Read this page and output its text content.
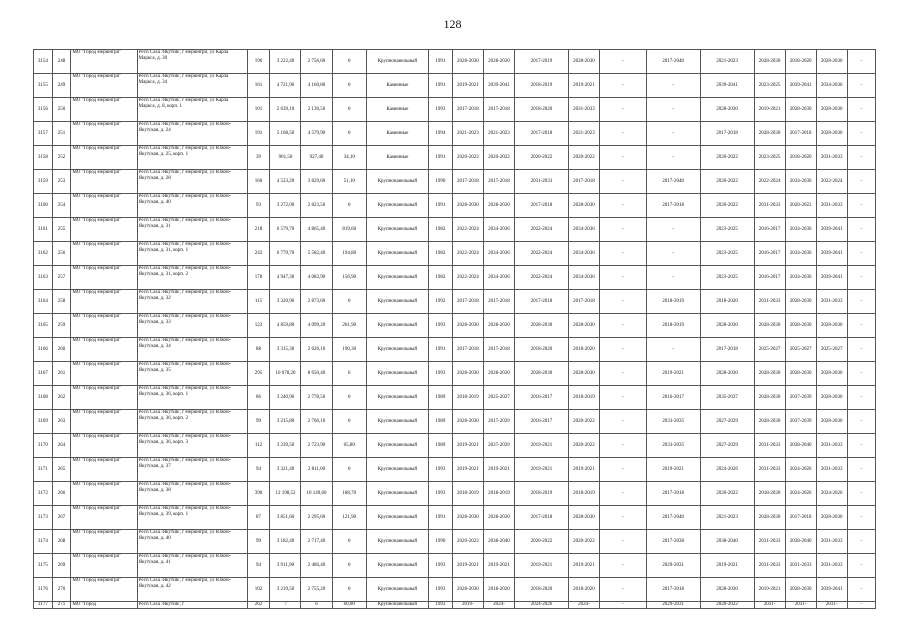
128
3154	248	МО "Город Нерюнгри"	Респ Саха /Якутия/, г Нерюнгри, ул Карла Маркса, д. 30	196	3 222,40	2 756,60	0	Крупнопанельный	1991	2028-2030	2028-2030	2017-2019	2028-2030	-	2017-2040	2021-2023	2028-2030	2018-2020	2028-2030	-
3155	249	МО "Город Нерюнгри"	Респ Саха /Якутия/, г Нерюнгри, ул Карла Маркса, д. 34	161	4 721,90	4 160,80	0	Каменные	1991	2019-2021	2039-2041	2018-2019	2019-2021	-	-	2039-2041	2023-2025	2039-2041	2034-2036	-
3156	250	МО "Город Нерюнгри"	Респ Саха /Якутия/, г Нерюнгри, ул Карла Маркса, д. 8, корп. 1	101	2 639,10	2 130,50	0	Каменные	1993	2017-2018	2017-2018	2018-2020	2031-2033	-	-	2028-2030	2019-2021	2028-2030	2028-2030	-
3157	251	МО "Город Нерюнгри"	Респ Саха /Якутия/, г Нерюнгри, ул Южно-Якутская, д. 24	191	5 168,50	4 579,90	0	Каменные	1994	2021-2023	2021-2023	2017-2018	2021-2023	-	-	2017-2018	2028-2030	2017-2018	2028-2030	-
3158	252	МО "Город Нерюнгри"	Респ Саха /Якутия/, г Нерюнгри, ул Южно-Якутская, д. 25, корп. 1	39	961,50	927,40	34,10	Каменные	1991	2020-2022	2020-2022	2020-2022	2020-2022	-	-	2020-2022	2023-2025	2018-2020	2031-2033	-
3159	253	МО "Город Нерюнгри"	Респ Саха /Якутия/, г Нерюнгри, ул Южно-Якутская, д. 28	160	4 523,20	3 829,60	51,10	Крупнопанельный	1990	2017-2018	2017-2018	2031-2033	2017-2018	-	2017-2040	2020-2022	2022-2024	2034-2036	2022-2024	-
3160	254	МО "Город Нерюнгри"	Респ Саха /Якутия/, г Нерюнгри, ул Южно-Якутская, д. 40	93	3 272,00	2 823,50	0	Крупнопанельный	1991	2028-2030	2028-2030	2017-2018	2028-2030	-	2017-2018	2020-2022	2031-2033	2020-2022	2031-2033	-
3161	255	МО "Город Нерюнгри"	Респ Саха /Якутия/, г Нерюнгри, ул Южно-Якутская, д. 31	218	6 579,70	4 865,40	819,60	Крупнопанельный	1982	2022-2024	2034-2036	2022-2024	2034-2036	-	-	2023-2025	2016-2017	2034-2036	2039-2041	-
3162	256	МО "Город Нерюнгри"	Респ Саха /Якутия/, г Нерюнгри, ул Южно-Якутская, д. 31, корп. 1	243	6 779,70	5 582,40	194,80	Крупнопанельный	1982	2022-2024	2034-2036	2022-2024	2034-2036	-	-	2023-2025	2016-2017	2034-2036	2039-2041	-
3163	257	МО "Город Нерюнгри"	Респ Саха /Якутия/, г Нерюнгри, ул Южно-Якутская, д. 31, корп. 2	178	4 947,30	4 082,90	156,90	Крупнопанельный	1982	2022-2024	2034-2036	2022-2024	2034-2036	-	-	2023-2025	2016-2017	2034-2036	2039-2041	-
3164	258	МО "Город Нерюнгри"	Респ Саха /Якутия/, г Нерюнгри, ул Южно-Якутская, д. 32	115	3 320,90	2 873,60	0	Крупнопанельный	1992	2017-2018	2017-2018	2017-2018	2017-2018	-	2018-2019	2018-2020	2031-2033	2028-2030	2031-2033	-
3165	259	МО "Город Нерюнгри"	Респ Саха /Якутия/, г Нерюнгри, ул Южно-Якутская, д. 33	123	4 859,80	4 099,20	261,90	Крупнопанельный	1993	2028-2030	2028-2030	2028-2030	2028-2030	-	2018-2019	2028-2030	2028-2030	2028-2030	2028-2030	-
3166	260	МО "Город Нерюнгри"	Респ Саха /Якутия/, г Нерюнгри, ул Южно-Якутская, д. 34	88	3 315,30	2 626,10	190,30	Крупнопанельный	1991	2017-2018	2017-2018	2018-2020	2018-2020	-	-	2017-2018	2025-2027	2025-2027	2025-2027	-
3167	261	МО "Город Нерюнгри"	Респ Саха /Якутия/, г Нерюнгри, ул Южно-Якутская, д. 35	295	10 078,20	8 650,40	6	Крупнопанельный	1993	2028-2030	2028-2030	2028-2030	2028-2030	-	2019-2021	2028-2030	2028-2030	2028-2030	2028-2030	-
3168	262	МО "Город Нерюнгри"	Респ Саха /Якутия/, г Нерюнгри, ул Южно-Якутская, д. 36, корп. 1	86	3 240,90	2 778,50	0	Крупнопанельный	1989	2018-2019	2025-2027	2016-2017	2018-2019	-	2016-2017	2035-2037	2028-2030	2037-2039	2028-2030	-
3169	263	МО "Город Нерюнгри"	Респ Саха /Якутия/, г Нерюнгри, ул Южно-Якутская, д. 36, корп. 2	99	3 215,80	2 766,10	0	Крупнопанельный	1989	2028-2030	2017-2039	2016-2017	2020-2022	-	2033-2035	2027-2029	2028-2030	2037-2039	2028-2030	-
3170	264	МО "Город Нерюнгри"	Респ Саха /Якутия/, г Нерюнгри, ул Южно-Якутская, д. 36, корп. 3	112	3 239,50	2 723,90	65,80	Крупнопанельный	1989	2019-2021	2037-2039	2019-2021	2020-2022	-	2033-2035	2027-2029	2031-2033	2038-2040	2031-2033	-
3171	265	МО "Город Нерюнгри"	Респ Саха /Якутия/, г Нерюнгри, ул Южно-Якутская, д. 37	94	3 321,40	2 811,00	0	Крупнопанельный	1993	2019-2021	2019-2021	2019-2021	2019-2021	-	2019-2021	2024-2026	2031-2033	2024-2026	2031-2033	-
3172	266	МО "Город Нерюнгри"	Респ Саха /Якутия/, г Нерюнгри, ул Южно-Якутская, д. 38	390	12 198,52	10 149,60	188,70	Крупнопанельный	1993	2018-2019	2018-2019	2018-2019	2018-2019	-	2017-2018	2020-2022	2018-2020	2024-2026	2024-2026	-
3173	267	МО "Город Нерюнгри"	Респ Саха /Якутия/, г Нерюнгри, ул Южно-Якутская, д. 39, корп. 1	87	3 851,60	2 295,60	121,90	Крупнопанельный	1991	2028-2030	2028-2030	2017-2018	2028-2030	-	2017-2040	2021-2023	2028-2030	2017-2018	2028-2030	-
3174	268	МО "Город Нерюнгри"	Респ Саха /Якутия/, г Нерюнгри, ул Южно-Якутская, д. 40	99	3 182,40	2 717,40	0	Крупнопанельный	1990	2020-2022	2038-2040	2020-2022	2020-2022	-	2017-2038	2038-2040	2031-2033	2038-2040	2031-2033	-
3175	269	МО "Город Нерюнгри"	Респ Саха /Якутия/, г Нерюнгри, ул Южно-Якутская, д. 41	94	3 911,90	2 486,40	0	Крупнопанельный	1993	2019-2021	2019-2021	2019-2021	2019-2021	-	2029-2031	2019-2021	2031-2033	2031-2033	2031-2033	-
3176	270	МО "Город Нерюнгри"	Респ Саха /Якутия/, г Нерюнгри, ул Южно-Якутская, д. 42	102	3 219,50	2 755,20	0	Крупнопанельный	1993	2028-2030	2018-2020	2018-2020	2018-2020	-	2017-2018	2028-2030	2019-2021	2028-2030	2039-2041	-
3177	271	МО "Город	Респ Саха /Якутия/, г	262	7	6	60,00	Крупнопанельный	1993	2019-	2024-	2024-2026	2024-	-	2029-2031	2020-2022	2031-	2031-	2031-	-
